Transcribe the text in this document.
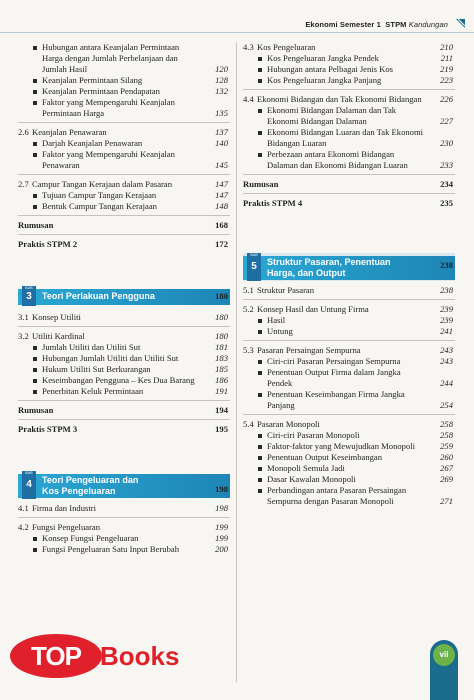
Ekonomi Semester 1 STPM Kandungan
Hubungan antara Keanjalan Permintaan Harga dengan Jumlah Perbelanjaan dan Jumlah Hasil	120
Keanjalan Permintaan Silang	128
Keanjalan Permintaan Pendapatan	132
Faktor yang Mempengaruhi Keanjalan Permintaan Harga	135
2.6 Keanjalan Penawaran	137
Darjah Keanjalan Penawaran	140
Faktor yang Mempengaruhi Keanjalan Penawaran	145
2.7 Campur Tangan Kerajaan dalam Pasaran	147
Tujuan Campur Tangan Kerajaan	147
Bentuk Campur Tangan Kerajaan	148
Rumusan	168
Praktis STPM 2	172
BAB
3	Teori Perlakuan Pengguna	180
3.1 Konsep Utiliti	180
3.2 Utiliti Kardinal	180
Jumlah Utiliti dan Utiliti Sut	181
Hubungan Jumlah Utiliti dan Utiliti Sut	183
Hukum Utiliti Sut Berkurangan	185
Keseimbangan Pengguna – Kes Dua Barang	186
Penerbitan Keluk Permintaan	191
Rumusan	194
Praktis STPM 3	195
BAB
4	Teori Pengeluaran dan
Kos Pengeluaran	198
4.1 Firma dan Industri	198
4.2 Fungsi Pengeluaran	199
Konsep Fungsi Pengeluaran	199
Fungsi Pengeluaran Satu Input Berubah	200
4.3 Kos Pengeluaran	210
Kos Pengeluaran Jangka Pendek	211
Hubungan antara Pelbagai Jenis Kos	219
Kos Pengeluaran Jangka Panjang	223
4.4 Ekonomi Bidangan dan Tak Ekonomi Bidangan	226
Ekonomi Bidangan Dalaman dan Tak Ekonomi Bidangan Dalaman	227
Ekonomi Bidangan Luaran dan Tak Ekonomi Bidangan Luaran	230
Perbezaan antara Ekonomi Bidangan Dalaman dan Ekonomi Bidangan Luaran	233
Rumusan	234
Praktis STPM 4	235
BAB
5	Struktur Pasaran, Penentuan
Harga, dan Output
238
5.1 Struktur Pasaran	238
5.2 Konsep Hasil dan Untung Firma	239
Hasil	239
Untung	241
5.3 Pasaran Persaingan Sempurna	243
Ciri-ciri Pasaran Persaingan Sempurna	243
Penentuan Output Firma dalam Jangka Pendek	244
Penentuan Keseimbangan Firma Jangka Panjang	254
5.4 Pasaran Monopoli	258
Ciri-ciri Pasaran Monopoli	258
Faktor-faktor yang Mewujudkan Monopoli	259
Penentuan Output Keseimbangan	260
Monopoli Semula Jadi	267
Dasar Kawalan Monopoli	269
Perbandingan antara Pasaran Persaingan Sempurna dengan Pasaran Monopoli	271
TOP Books	vii
